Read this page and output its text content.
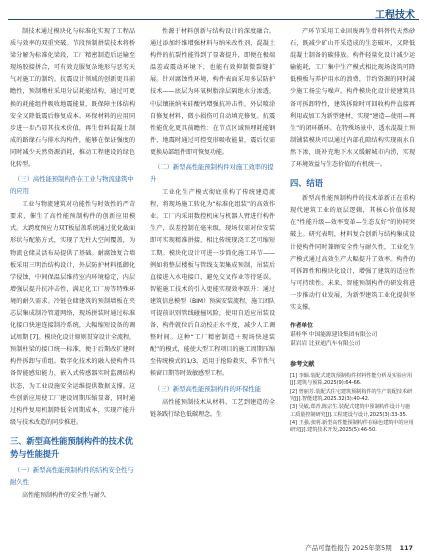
工程技术

制技术通过模块化与标准化实现了工程品质与效率的双重突破。节段预制拼装技术将桥梁分解为标准化梁段，工厂精密制造后运输至现场胶接拼合，可有效克服复杂地形与恶劣天气对施工的制约。抗震设计领域的创新更具前瞻性，预制墩柱采用分层耗能结构，通过可更换的耗能组件吸收地震能量，既保障主体结构安全又降低震后修复成本。环保材料的应用同步进一步凸显其技术价值，再生骨料混凝土制成的路缘石与排水沟构件，能够在保证强度的同时减少天然资源消耗，推动工程建设的绿色化转型。

（三）高性能预制构件在工业与物流建筑中的应用

工业与物流建筑对功能性与时效性的严苛要求，催生了高性能预制构件的创新应用模式。大跨度预应力双T板屋盖系统通过优化截面形状与配筋方式，实现了无柱大空间覆盖，为物流仓储灵活布局提供了基础。耐腐蚀复合墙板采用三明治结构设计，外层防护材料抵御化学侵蚀，中间保温层维持室内环境稳定，内层增强层提升抗冲击性，满足化工厂房等特殊环境的耐久需求。冷链仓储建筑的预制墙板在夹芯层集成制冷管道网络，现场拼装时通过标准化接口快速连接制冷系统，大幅缩短设备的调试周期 [7]。模块化设计原则贯穿设计全流程，预制柱梁的接口统一标准，便于后期改扩建时构件拆卸与重组。数字化技术的融入使构件具备智能感知能力，嵌入式传感器实时监测结构状态，为工业设施安全运维提供数据支撑。这些创新应用使工厂建设周期压缩显著，同时通过构件复用机制降低全周期成本，实现产能升级与技术改造的同步推进。

三、新型高性能预制构件的技术优势与性能提升
（一）新型高性能预制构件的结构安全性与耐久性

高性能预制构件的安全性与耐久

性源于材料创新与结构设计的深度融合。通过添加纤维增强材料与纳米改性剂，混凝土构件的抗裂性能得到了显著提升，即便在极端温差或震动环境下，也能有效抑制微裂缝扩展。针对腐蚀性环境，构件表面采用多层防护技术——底层为环氧树脂涂层隔绝水分渗透，中层镶嵌纳米硅酸钙增强抗冲击性，外层喷涂自修复材料，微小损伤可自动填充修复。抗震性能优化更具前瞻性：在节点区域预埋耗能钢件，地震时通过可控变形吸收能量，震后仅需更换局部组件即可恢复功能。

（二）新型高性能预制构件对施工效率的提升

工业化生产模式彻底重构了传统建造流程，将现场施工转化为“标准化组装”的高效作业。工厂内采用数控机床与机器人臂进行构件生产，误差控制在毫米级，现场仅需对位安装即可实现精准拼接，相比传统现浇工艺可缩短工期。模块化设计可进一步简化施工环节——例如将整层楼板与管线支架集成预制，吊装后直接进入水电接口、避免交叉作业等待延误。智能施工技术的引入更能实现效率跃升：通过建筑信息模型（BIM）预演安装流程，施工团队可提前识别管线碰撞风险，使用自适应吊装设备，构件就位后自动校正水平度，减少人工调整时间。这种“工厂精密制造＋现场快速装配”的模式，能使大型工程项目的施工周期压缩至传统模式的1/3，适用于抢险救灾、季节性气候窗口期等时效敏感型工程。

（三）新型高性能预制构件的环保性能

高性能预制技术从材料、工艺到建造的全链条践行绿色低碳理念。生

产环节采用工业固废再生骨料替代天然砂石，既减少矿山开采造成的生态破坏，又降低混凝土制备的碳排放。构件轻量化设计减少运输能耗，工厂集中生产模式相比现场浇筑可降低模板与养护用水的浪费，节约资源的同时减少施工扬尘与噪声。构件模块化设计使建筑具备可拆卸特性，建筑拆除时可回收构件直接再利用或加工为新型建材，实现“建造—使用—再生”的闭环循环。在特殊场景中，透水混凝土预制铺装模块可以通过内部孔隙结构实现雨水自然下渗，既补充地下水又缓解城市内涝，实现了环境效益与生态价值的有机统一。

四、结语

新型高性能预制构件的技术革新正在重构现代建筑工业的底层逻辑，其核心价值体现在“性能升级—效率变革—生态友好”的协同突破上。研究表明，材料复合创新与结构集成设计使构件同时兼顾安全性与耐久性，工业化生产模式通过高效生产大幅提升了效率。构件的可拆卸性和模块化设计，增强了建筑的适应性与可持续性。未来，智能预制构件的研发将进一步推动行业发展，为新型建筑工业化提供坚实支撑。

作者单位
谌桂华 中国能源建设集团有限公司
谌岩岩 比亚迪汽车有限公司
参考文献
[1] 李颖.装配式建筑预制构件材料性能分析及实验应用[J].建筑与预算,2025(9):64-66.
[2] 曾丽芳.装配式住宅建筑预制构件的生产装配技术研究[J].智能建筑,2025.32(3):40-42.
[3] 吴敏,郑青,陈宗生.装配式建筑中预制构件设计与施工质量控制研究[J].工程建设与设计,2025(3):33-35.
[4] 王强,张明.新型高性能预制构件在绿色建筑中的应用研究[J].建筑技术开发,2025(5):46-50.
产品可靠性报告 2025年第5期 117
